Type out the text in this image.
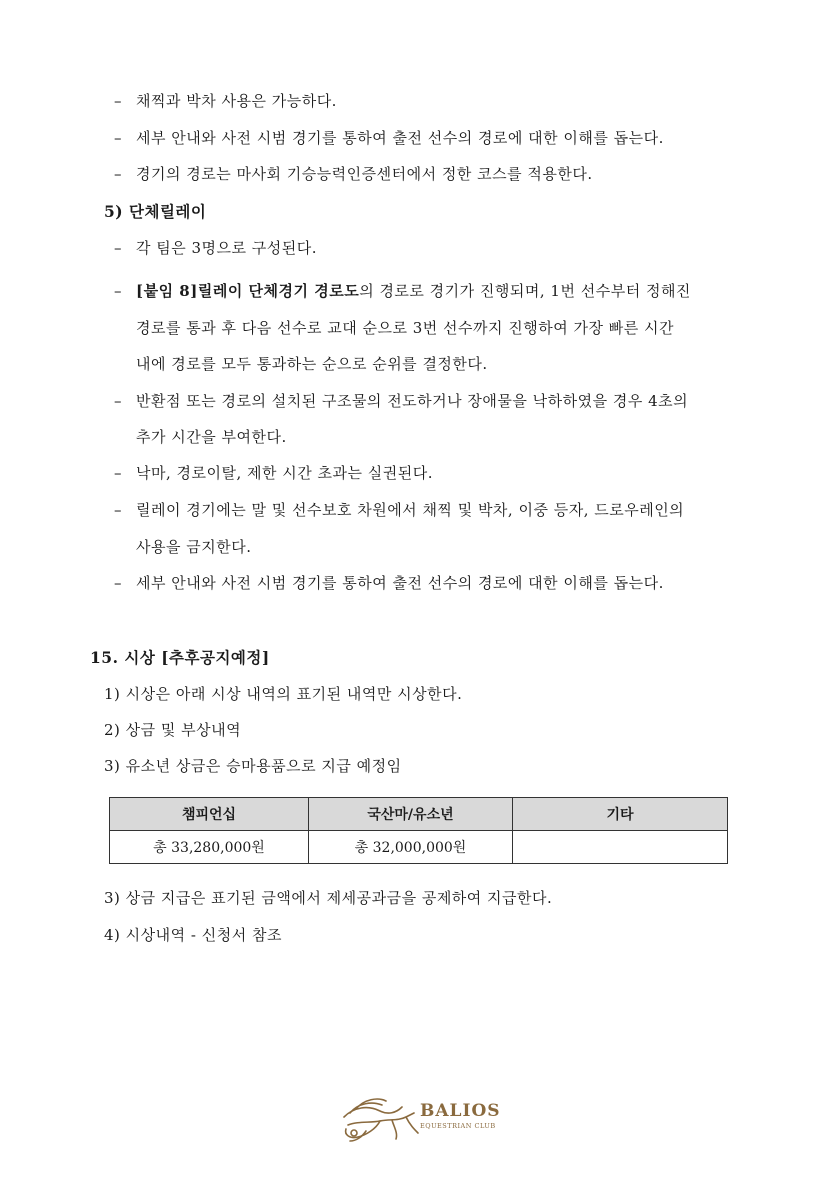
– 채찍과 박차 사용은 가능하다.
– 세부 안내와 사전 시범 경기를 통하여 출전 선수의 경로에 대한 이해를 돕는다.
– 경기의 경로는 마사회 기승능력인증센터에서 정한 코스를 적용한다.
5) 단체릴레이
– 각 팀은 3명으로 구성된다.
– [붙임 8]릴레이 단체경기 경로도의 경로로 경기가 진행되며, 1번 선수부터 정해진
경로를 통과 후 다음 선수로 교대 순으로 3번 선수까지 진행하여 가장 빠른 시간
내에 경로를 모두 통과하는 순으로 순위를 결정한다.
– 반환점 또는 경로의 설치된 구조물의 전도하거나 장애물을 낙하하였을 경우 4초의
추가 시간을 부여한다.
– 낙마, 경로이탈, 제한 시간 초과는 실권된다.
– 릴레이 경기에는 말 및 선수보호 차원에서 채찍 및 박차, 이중 등자, 드로우레인의
사용을 금지한다.
– 세부 안내와 사전 시범 경기를 통하여 출전 선수의 경로에 대한 이해를 돕는다.
15. 시상 [추후공지예정]
1) 시상은 아래 시상 내역의 표기된 내역만 시상한다.
2) 상금 및 부상내역
3) 유소년 상금은 승마용품으로 지급 예정임
챔피언십	국산마/유소년	기타
총 33,280,000원	총 32,000,000원	
3) 상금 지급은 표기된 금액에서 제세공과금을 공제하여 지급한다.
4) 시상내역 - 신청서 참조
BALIOS
EQUESTRIAN CLUB
